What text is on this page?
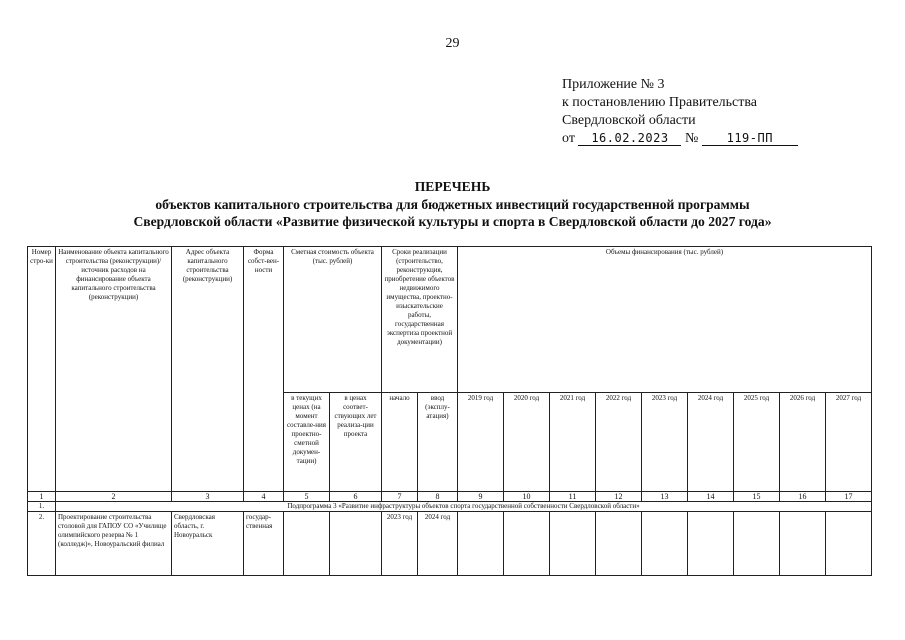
29
Приложение № 3
к постановлению Правительства
Свердловской области
от 16.02.2023 № 119-ПП
ПЕРЕЧЕНЬ
объектов капитального строительства для бюджетных инвестиций государственной программы
Свердловской области «Развитие физической культуры и спорта в Свердловской области до 2027 года»
Номер стро-ки	Наименование объекта капитального строительства (реконструкции)/источник расходов на финансирование объекта капитального строительства (реконструкции)	Адрес объекта капитального строительства (реконструкции)	Форма собст-вен-ности	Сметная стоимость объекта (тыс. рублей)		Сроки реализации (строительство, реконструкция, приобретение объектов недвижимого имущества, проектно-изыскательские работы, государственная экспертиза проектной документации)		Объемы финансирования (тыс. рублей)								
				в текущих ценах (на момент составле-ния проектно-сметной докумен-тации)	в ценах соответ-ствующих лет реализа-ции проекта	начало	ввод (эксплу-атация)	2019 год	2020 год	2021 год	2022 год	2023 год	2024 год	2025 год	2026 год	2027 год
1	2	3	4	5	6	7	8	9	10	11	12	13	14	15	16	17
1.	Подпрограмма 3 «Развитие инфраструктуры объектов спорта государственной собственности Свердловской области»															
2.	Проектирование строительства столовой для ГАПОУ СО «Училище олимпийского резерва № 1 (колледж)», Новоуральский филиал	Свердловская область, г. Новоуральск	государ-ственная			2023 год	2024 год									
